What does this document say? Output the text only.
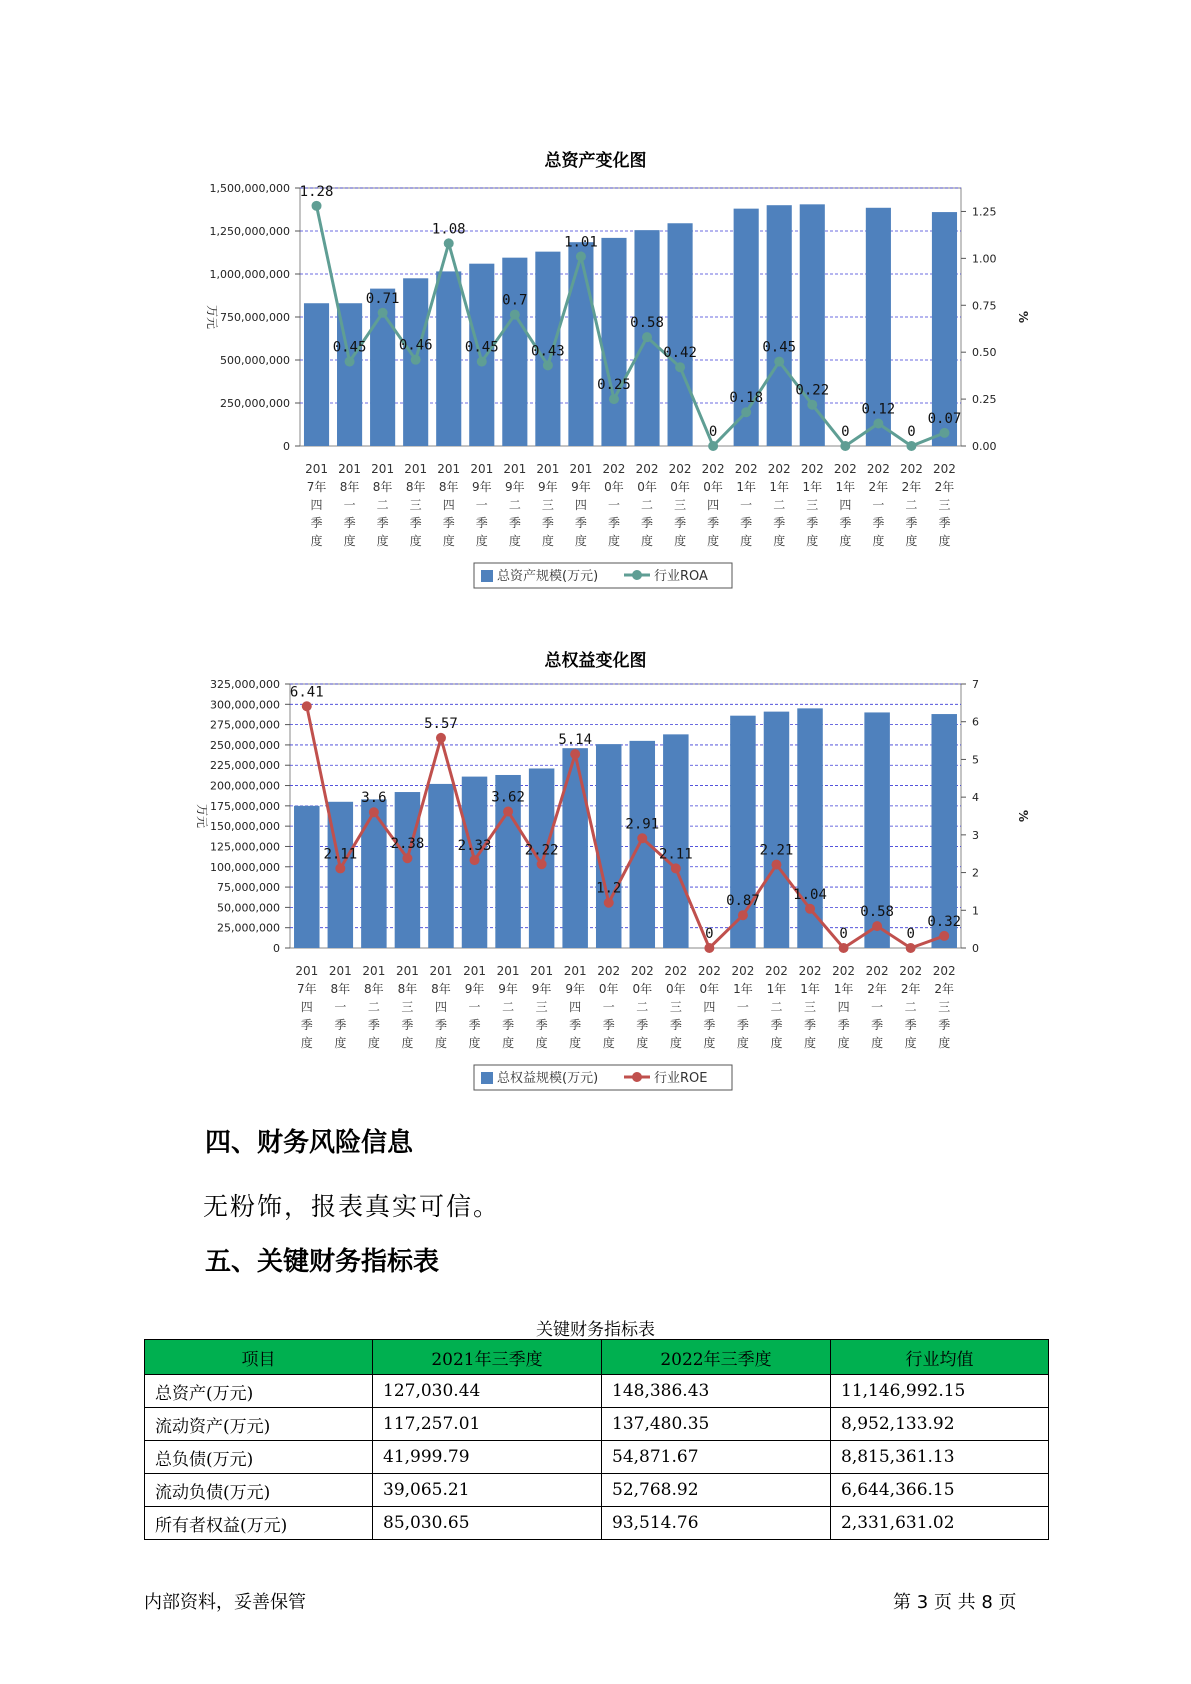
总资产变化图
0
250,000,000
500,000,000
750,000,000
1,000,000,000
1,250,000,000
1,500,000,000
0.00
0.25
0.50
0.75
1.00
1.25
万元	%
1.28
0.45
0.71
0.46
1.08
0.45
0.7
0.43
1.01
0.25
0.58
0.42
0
0.18
0.45
0.22
0
0.12
0
0.07
201
7年
四
季
度
201
8年
一
季
度
201
8年
二
季
度
201
8年
三
季
度
201
8年
四
季
度
201
9年
一
季
度
201
9年
二
季
度
201
9年
三
季
度
201
9年
四
季
度
202
0年
一
季
度
202
0年
二
季
度
202
0年
三
季
度
202
0年
四
季
度
202
1年
一
季
度
202
1年
二
季
度
202
1年
三
季
度
202
1年
四
季
度
202
2年
一
季
度
202
2年
二
季
度
202
2年
三
季
度
总资产规模(万元)	行业ROA
总权益变化图
0
25,000,000
50,000,000
75,000,000
100,000,000
125,000,000
150,000,000
175,000,000
200,000,000
225,000,000
250,000,000
275,000,000
300,000,000
325,000,000
0
1
2
3
4
5
6
7
万元	%
6.41
2.11
3.6
2.38
5.57
2.33
3.62
2.22
5.14
1.2
2.91
2.11
0
0.87
2.21
1.04
0
0.58
0
0.32
201
7年
四
季
度
201
8年
一
季
度
201
8年
二
季
度
201
8年
三
季
度
201
8年
四
季
度
201
9年
一
季
度
201
9年
二
季
度
201
9年
三
季
度
201
9年
四
季
度
202
0年
一
季
度
202
0年
二
季
度
202
0年
三
季
度
202
0年
四
季
度
202
1年
一
季
度
202
1年
二
季
度
202
1年
三
季
度
202
1年
四
季
度
202
2年
一
季
度
202
2年
二
季
度
202
2年
三
季
度
总权益规模(万元)	行业ROE
四、财务风险信息
无粉饰，报表真实可信。
五、关键财务指标表
关键财务指标表
项目	2021年三季度	2022年三季度	行业均值
总资产(万元)	127,030.44	148,386.43	11,146,992.15
流动资产(万元)	117,257.01	137,480.35	8,952,133.92
总负债(万元)	41,999.79	54,871.67	8,815,361.13
流动负债(万元)	39,065.21	52,768.92	6,644,366.15
所有者权益(万元)	85,030.65	93,514.76	2,331,631.02
内部资料，妥善保管	第 3 页 共 8 页
